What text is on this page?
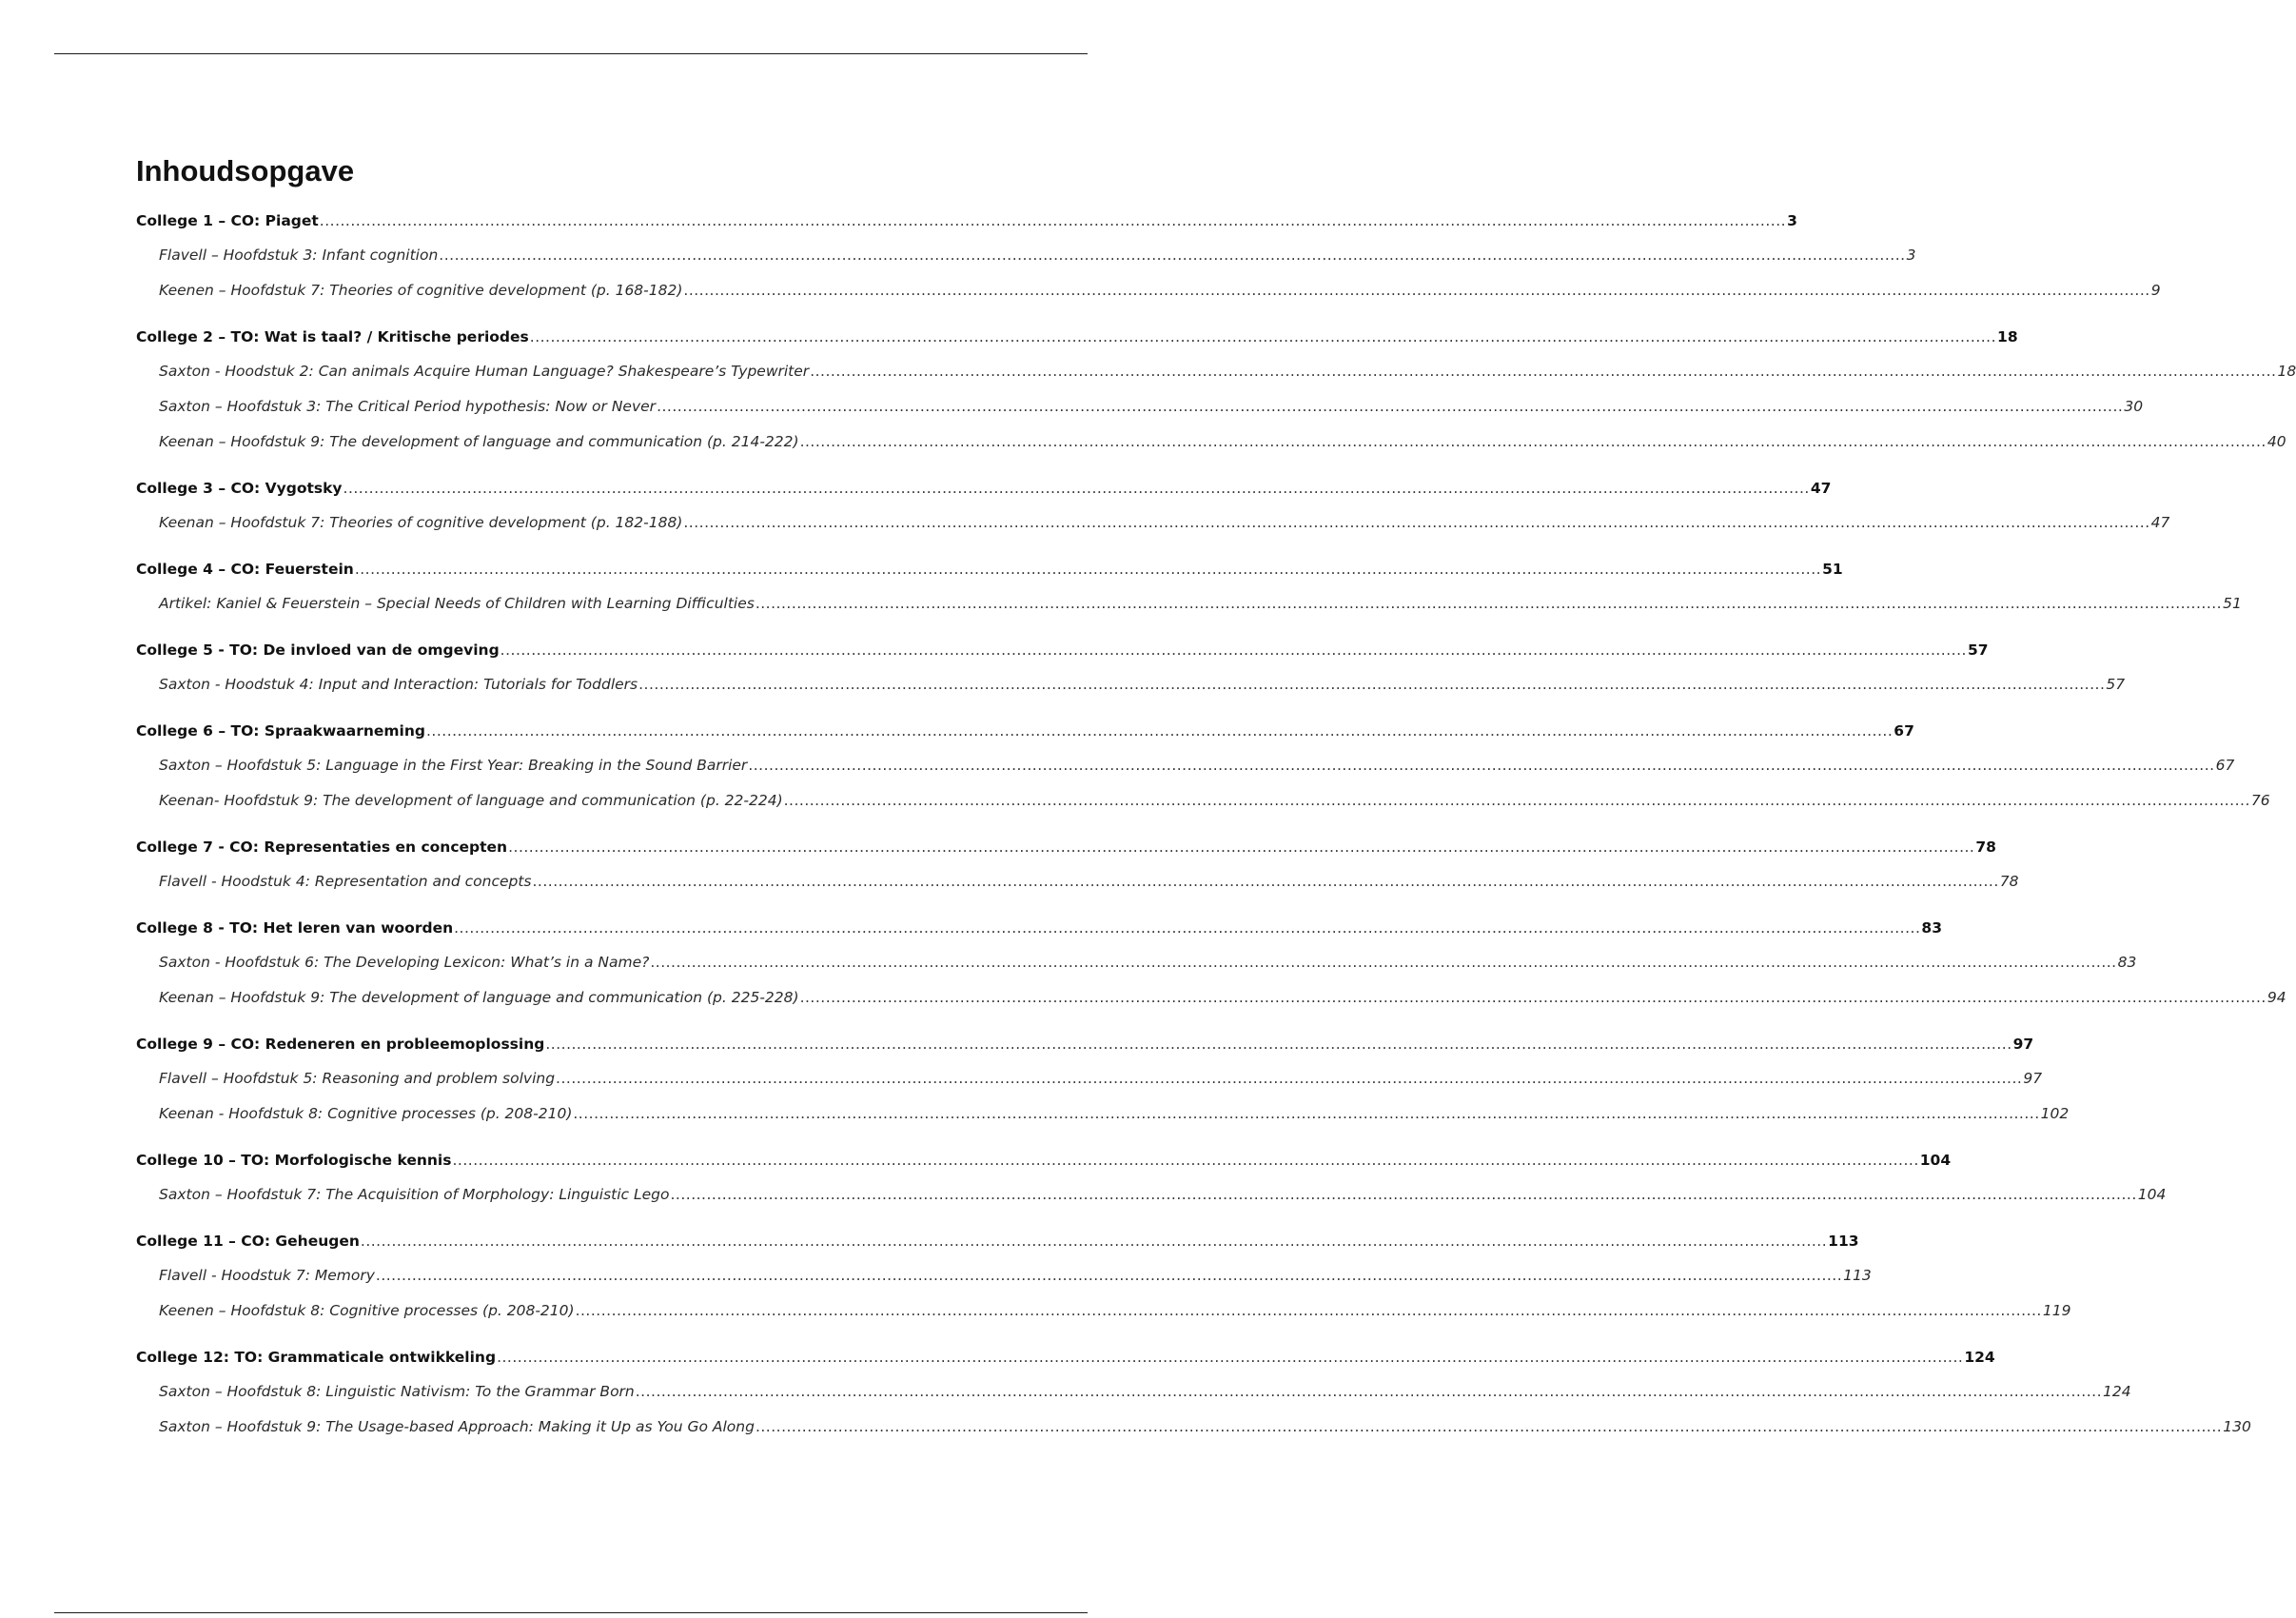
Inhoudsopgave
College 1 – CO: Piaget .....	3
Flavell – Hoofdstuk 3: Infant cognition .....	3
Keenen – Hoofdstuk 7: Theories of cognitive development (p. 168-182) .....	9
College 2 – TO: Wat is taal? / Kritische periodes .....	18
Saxton - Hoodstuk 2: Can animals Acquire Human Language? Shakespeare’s Typewriter .....	18
Saxton – Hoofdstuk 3: The Critical Period hypothesis: Now or Never .....	30
Keenan – Hoofdstuk 9: The development of language and communication (p. 214-222) .....	40
College 3 – CO: Vygotsky .....	47
Keenan – Hoofdstuk 7: Theories of cognitive development (p. 182-188) .....	47
College 4 – CO: Feuerstein .....	51
Artikel: Kaniel & Feuerstein – Special Needs of Children with Learning Difficulties .....	51
College 5 - TO: De invloed van de omgeving .....	57
Saxton - Hoodstuk 4: Input and Interaction: Tutorials for Toddlers .....	57
College 6 – TO: Spraakwaarneming .....	67
Saxton – Hoofdstuk 5: Language in the First Year: Breaking in the Sound Barrier .....	67
Keenan- Hoofdstuk 9: The development of language and communication (p. 22-224) .....	76
College 7 - CO: Representaties en concepten .....	78
Flavell - Hoodstuk 4: Representation and concepts .....	78
College 8 - TO: Het leren van woorden .....	83
Saxton - Hoofdstuk 6: The Developing Lexicon: What’s in a Name? .....	83
Keenan – Hoofdstuk 9: The development of language and communication (p. 225-228) .....	94
College 9 – CO: Redeneren en probleemoplossing .....	97
Flavell – Hoofdstuk 5: Reasoning and problem solving .....	97
Keenan - Hoofdstuk 8: Cognitive processes (p. 208-210) .....	102
College 10 – TO: Morfologische kennis .....	104
Saxton – Hoofdstuk 7: The Acquisition of Morphology: Linguistic Lego .....	104
College 11 – CO: Geheugen .....	113
Flavell - Hoodstuk 7: Memory .....	113
Keenen – Hoofdstuk 8: Cognitive processes (p. 208-210) .....	119
College 12: TO: Grammaticale ontwikkeling .....	124
Saxton – Hoofdstuk 8: Linguistic Nativism: To the Grammar Born .....	124
Saxton – Hoofdstuk 9: The Usage-based Approach: Making it Up as You Go Along .....	130
